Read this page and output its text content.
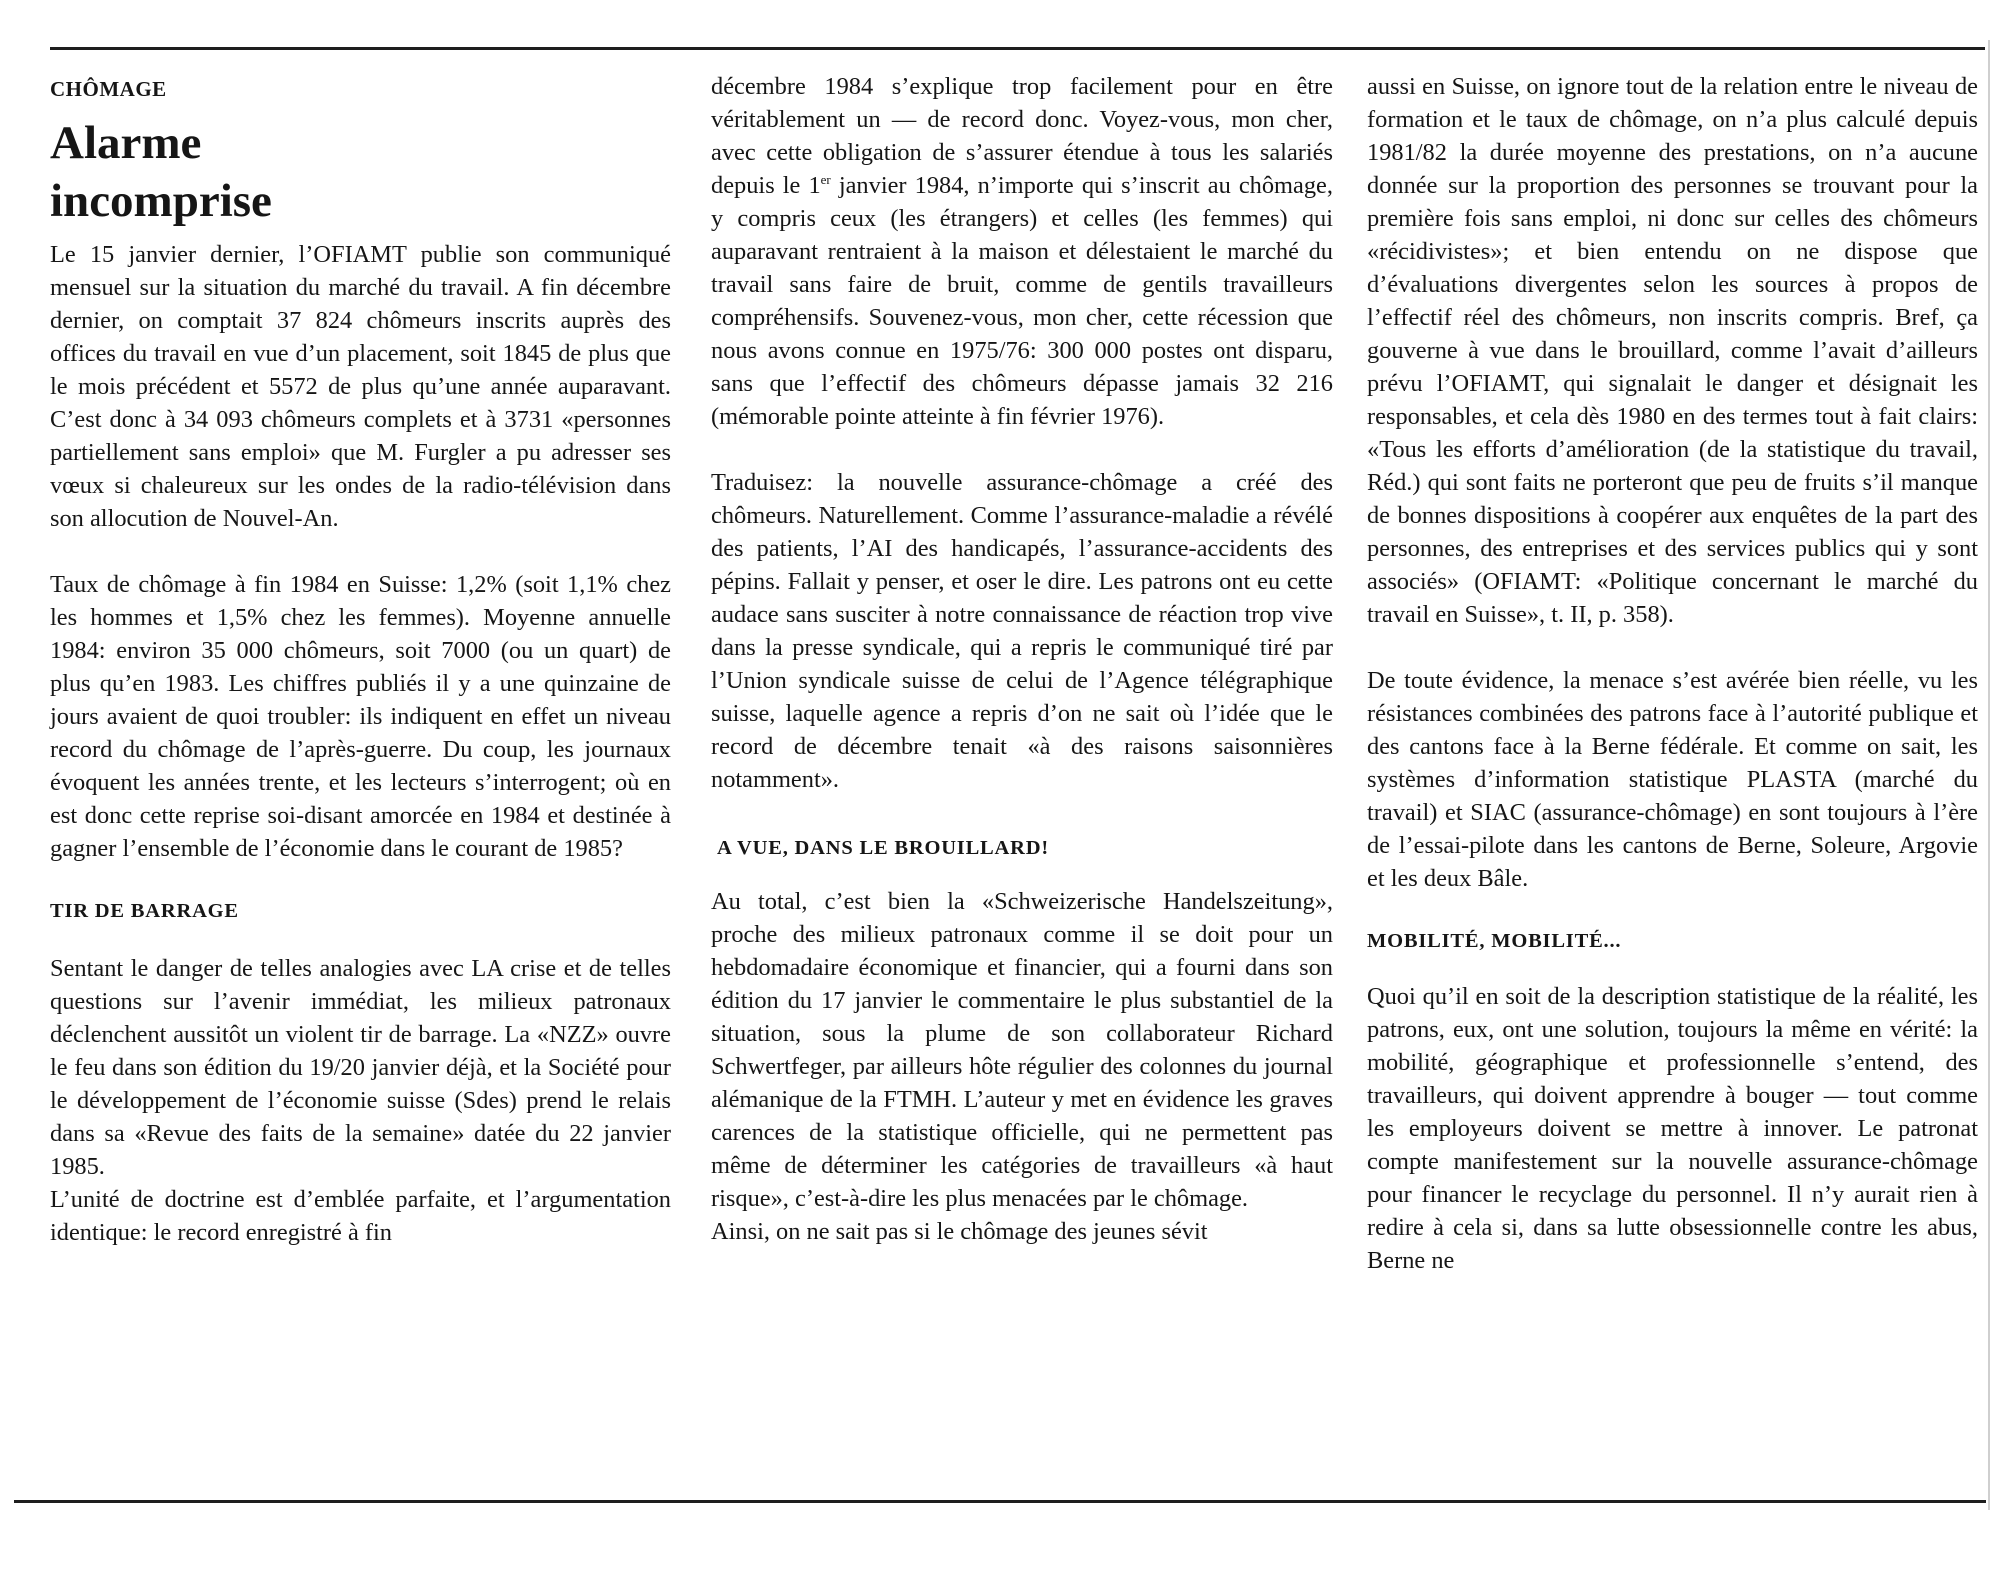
CHÔMAGE
Alarme
incomprise

Le 15 janvier dernier, l’OFIAMT publie son communiqué mensuel sur la situation du marché du travail. A fin décembre dernier, on comptait 37 824 chômeurs inscrits auprès des offices du travail en vue d’un placement, soit 1845 de plus que le mois précédent et 5572 de plus qu’une année auparavant. C’est donc à 34 093 chômeurs complets et à 3731 «personnes partiellement sans emploi» que M. Furgler a pu adresser ses vœux si chaleureux sur les ondes de la radio-télévision dans son allocution de Nouvel-An.

Taux de chômage à fin 1984 en Suisse: 1,2% (soit 1,1% chez les hommes et 1,5% chez les femmes). Moyenne annuelle 1984: environ 35 000 chômeurs, soit 7000 (ou un quart) de plus qu’en 1983. Les chiffres publiés il y a une quinzaine de jours avaient de quoi troubler: ils indiquent en effet un niveau record du chômage de l’après-guerre. Du coup, les journaux évoquent les années trente, et les lecteurs s’interrogent; où en est donc cette reprise soi-disant amorcée en 1984 et destinée à gagner l’ensemble de l’économie dans le courant de 1985?

TIR DE BARRAGE

Sentant le danger de telles analogies avec LA crise et de telles questions sur l’avenir immédiat, les milieux patronaux déclenchent aussitôt un violent tir de barrage. La «NZZ» ouvre le feu dans son édition du 19/20 janvier déjà, et la Société pour le développement de l’économie suisse (Sdes) prend le relais dans sa «Revue des faits de la semaine» datée du 22 janvier 1985.

L’unité de doctrine est d’emblée parfaite, et l’argumentation identique: le record enregistré à fin

décembre 1984 s’explique trop facilement pour en être véritablement un — de record donc. Voyez-vous, mon cher, avec cette obligation de s’assurer étendue à tous les salariés depuis le 1er janvier 1984, n’importe qui s’inscrit au chômage, y compris ceux (les étrangers) et celles (les femmes) qui auparavant rentraient à la maison et délestaient le marché du travail sans faire de bruit, comme de gentils travailleurs compréhensifs. Souvenez-vous, mon cher, cette récession que nous avons connue en 1975/76: 300 000 postes ont disparu, sans que l’effectif des chômeurs dépasse jamais 32 216 (mémorable pointe atteinte à fin février 1976).

Traduisez: la nouvelle assurance-chômage a créé des chômeurs. Naturellement. Comme l’assurance-maladie a révélé des patients, l’AI des handicapés, l’assurance-accidents des pépins. Fallait y penser, et oser le dire. Les patrons ont eu cette audace sans susciter à notre connaissance de réaction trop vive dans la presse syndicale, qui a repris le communiqué tiré par l’Union syndicale suisse de celui de l’Agence télégraphique suisse, laquelle agence a repris d’on ne sait où l’idée que le record de décembre tenait «à des raisons saisonnières notamment».

A VUE, DANS LE BROUILLARD!

Au total, c’est bien la «Schweizerische Handelszeitung», proche des milieux patronaux comme il se doit pour un hebdomadaire économique et financier, qui a fourni dans son édition du 17 janvier le commentaire le plus substantiel de la situation, sous la plume de son collaborateur Richard Schwertfeger, par ailleurs hôte régulier des colonnes du journal alémanique de la FTMH. L’auteur y met en évidence les graves carences de la statistique officielle, qui ne permettent pas même de déterminer les catégories de travailleurs «à haut risque», c’est-à-dire les plus menacées par le chômage.

Ainsi, on ne sait pas si le chômage des jeunes sévit

aussi en Suisse, on ignore tout de la relation entre le niveau de formation et le taux de chômage, on n’a plus calculé depuis 1981/82 la durée moyenne des prestations, on n’a aucune donnée sur la proportion des personnes se trouvant pour la première fois sans emploi, ni donc sur celles des chômeurs «récidivistes»; et bien entendu on ne dispose que d’évaluations divergentes selon les sources à propos de l’effectif réel des chômeurs, non inscrits compris. Bref, ça gouverne à vue dans le brouillard, comme l’avait d’ailleurs prévu l’OFIAMT, qui signalait le danger et désignait les responsables, et cela dès 1980 en des termes tout à fait clairs: «Tous les efforts d’amélioration (de la statistique du travail, Réd.) qui sont faits ne porteront que peu de fruits s’il manque de bonnes dispositions à coopérer aux enquêtes de la part des personnes, des entreprises et des services publics qui y sont associés» (OFIAMT: «Politique concernant le marché du travail en Suisse», t. II, p. 358).

De toute évidence, la menace s’est avérée bien réelle, vu les résistances combinées des patrons face à l’autorité publique et des cantons face à la Berne fédérale. Et comme on sait, les systèmes d’information statistique PLASTA (marché du travail) et SIAC (assurance-chômage) en sont toujours à l’ère de l’essai-pilote dans les cantons de Berne, Soleure, Argovie et les deux Bâle.

MOBILITÉ, MOBILITÉ...

Quoi qu’il en soit de la description statistique de la réalité, les patrons, eux, ont une solution, toujours la même en vérité: la mobilité, géographique et professionnelle s’entend, des travailleurs, qui doivent apprendre à bouger — tout comme les employeurs doivent se mettre à innover. Le patronat compte manifestement sur la nouvelle assurance-chômage pour financer le recyclage du personnel. Il n’y aurait rien à redire à cela si, dans sa lutte obsessionnelle contre les abus, Berne ne
